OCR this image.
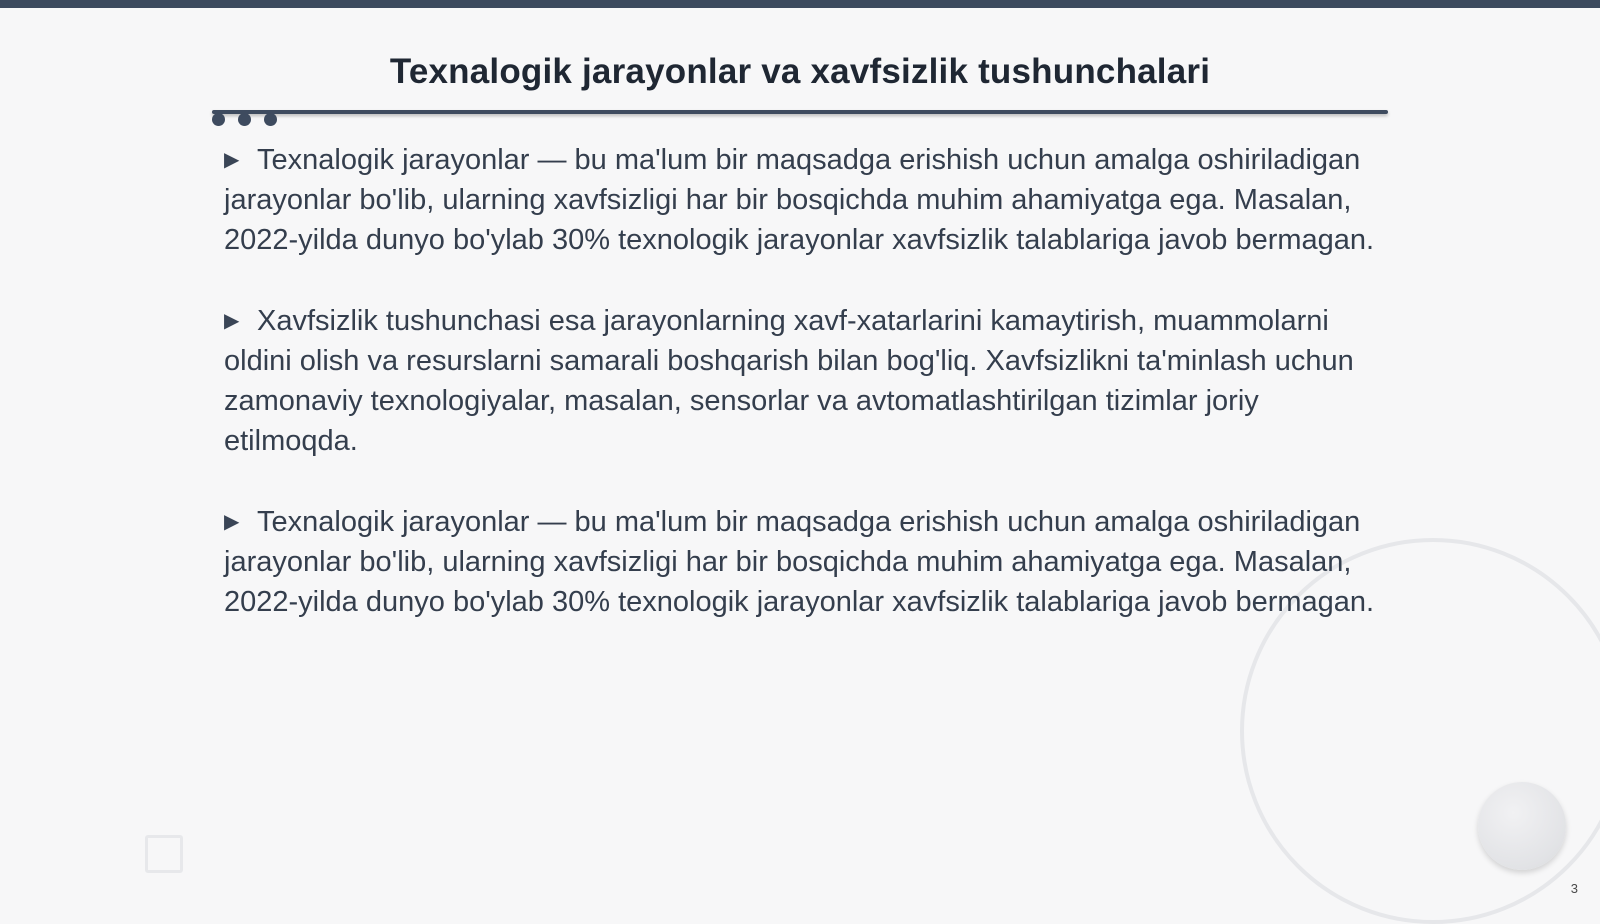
Texnalogik jarayonlar va xavfsizlik tushunchalari

▶ Texnalogik jarayonlar — bu ma'lum bir maqsadga erishish uchun amalga oshiriladigan jarayonlar bo'lib, ularning xavfsizligi har bir bosqichda muhim ahamiyatga ega. Masalan, 2022-yilda dunyo bo'ylab 30% texnologik jarayonlar xavfsizlik talablariga javob bermagan.

▶ Xavfsizlik tushunchasi esa jarayonlarning xavf-xatarlarini kamaytirish, muammolarni oldini olish va resurslarni samarali boshqarish bilan bog'liq. Xavfsizlikni ta'minlash uchun zamonaviy texnologiyalar, masalan, sensorlar va avtomatlashtirilgan tizimlar joriy etilmoqda.

▶ Texnalogik jarayonlar — bu ma'lum bir maqsadga erishish uchun amalga oshiriladigan jarayonlar bo'lib, ularning xavfsizligi har bir bosqichda muhim ahamiyatga ega. Masalan, 2022-yilda dunyo bo'ylab 30% texnologik jarayonlar xavfsizlik talablariga javob bermagan.

3
